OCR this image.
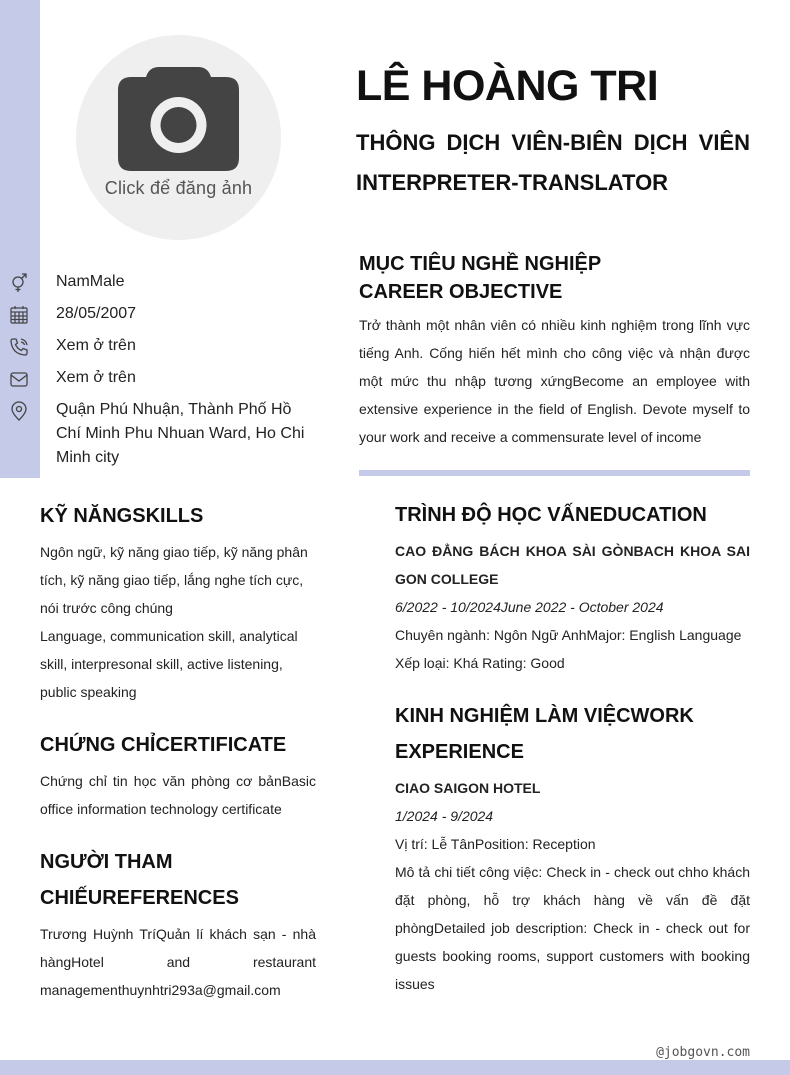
Click để đăng ảnh
LÊ HOÀNG TRI
THÔNG DỊCH VIÊN-BIÊN DỊCH VIÊN
INTERPRETER-TRANSLATOR
NamMale
28/05/2007
Xem ở trên
Xem ở trên
Quận Phú Nhuận, Thành Phố Hồ Chí Minh Phu Nhuan Ward, Ho Chi Minh city
MỤC TIÊU NGHỀ NGHIỆP
CAREER OBJECTIVE
Trở thành một nhân viên có nhiều kinh nghiệm trong lĩnh vực tiếng Anh. Cống hiến hết mình cho công việc và nhận được một mức thu nhập tương xứngBecome an employee with extensive experience in the field of English. Devote myself to your work and receive a commensurate level of income
KỸ NĂNGSKILLS
Ngôn ngữ, kỹ năng giao tiếp, kỹ năng phân tích, kỹ năng giao tiếp, lắng nghe tích cực, nói trước công chúng
Language, communication skill, analytical skill, interpresonal skill, active listening, public speaking
CHỨNG CHỈCERTIFICATE
Chứng chỉ tin học văn phòng cơ bảnBasic office information technology certificate
NGƯỜI THAM CHIẾUREFERENCES
Trương Huỳnh TríQuản lí khách sạn - nhà hàngHotel and restaurant managementhuynhtri293a@gmail.com
TRÌNH ĐỘ HỌC VẤNEDUCATION
CAO ĐẲNG BÁCH KHOA SÀI GÒNBACH KHOA SAI GON COLLEGE
6/2022 - 10/2024June 2022 - October 2024
Chuyên ngành: Ngôn Ngữ AnhMajor: English Language
Xếp loại: Khá Rating: Good
KINH NGHIỆM LÀM VIỆCWORK EXPERIENCE
CIAO SAIGON HOTEL
1/2024 - 9/2024
Vị trí: Lễ TânPosition: Reception
Mô tả chi tiết công việc: Check in - check out chho khách đặt phòng, hỗ trợ khách hàng về vấn đề đặt phòngDetailed job description: Check in - check out for guests booking rooms, support customers with booking issues
@jobgovn.com
